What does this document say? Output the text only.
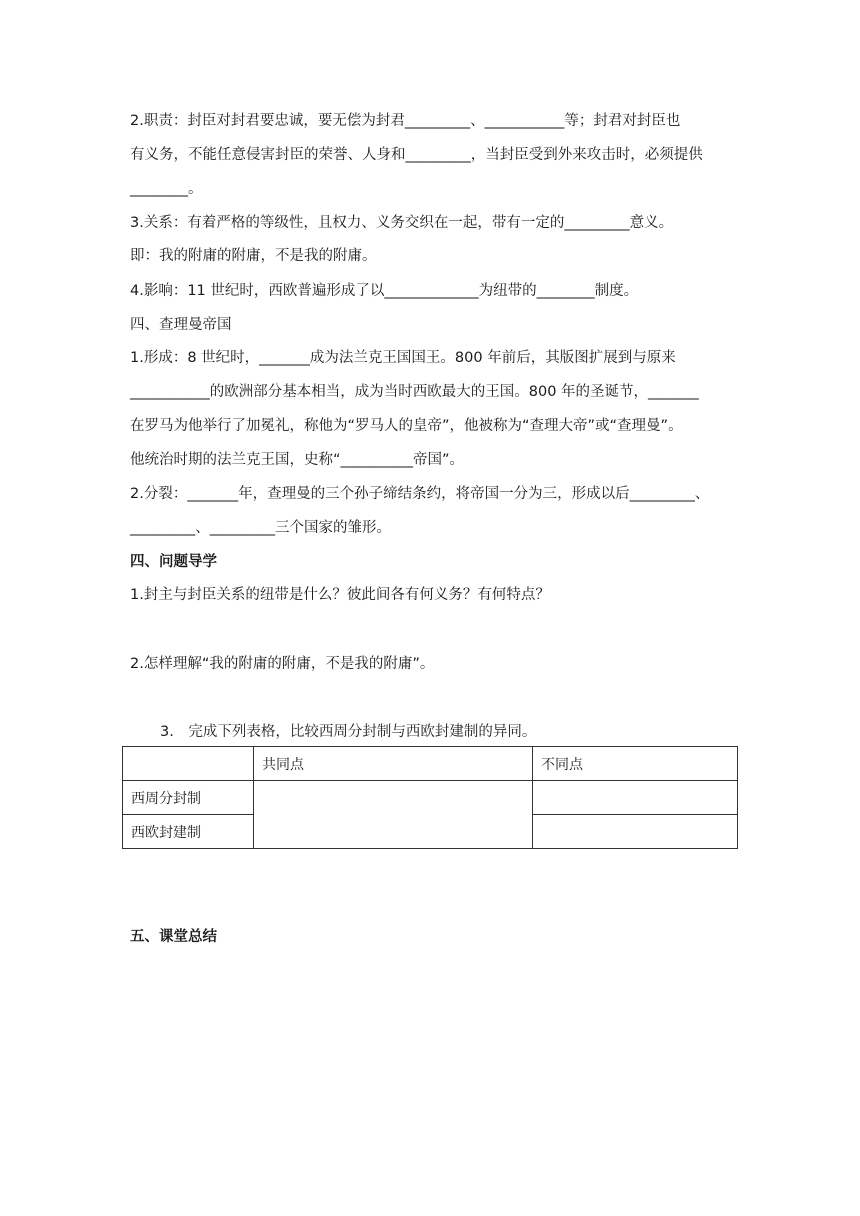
2.职责：封臣对封君要忠诚，要无偿为封君_________、___________等；封君对封臣也
有义务，不能任意侵害封臣的荣誉、人身和_________，当封臣受到外来攻击时，必须提供
________。
3.关系：有着严格的等级性，且权力、义务交织在一起，带有一定的_________意义。
即：我的附庸的附庸，不是我的附庸。
4.影响：11 世纪时，西欧普遍形成了以_____________为纽带的________制度。
四、查理曼帝国
1.形成：8 世纪时，_______成为法兰克王国国王。800 年前后，其版图扩展到与原来
___________的欧洲部分基本相当，成为当时西欧最大的王国。800 年的圣诞节，_______
在罗马为他举行了加冕礼，称他为“罗马人的皇帝”，他被称为“查理大帝”或“查理曼”。
他统治时期的法兰克王国，史称“__________帝国”。
2.分裂：_______年，查理曼的三个孙子缔结条约，将帝国一分为三，形成以后_________、
_________、_________三个国家的雏形。
四、问题导学
1.封主与封臣关系的纽带是什么？彼此间各有何义务？有何特点？
2.怎样理解“我的附庸的附庸，不是我的附庸”。
3.　完成下列表格，比较西周分封制与西欧封建制的异同。
	共同点	不同点
西周分封制		
西欧封建制		
五、课堂总结
